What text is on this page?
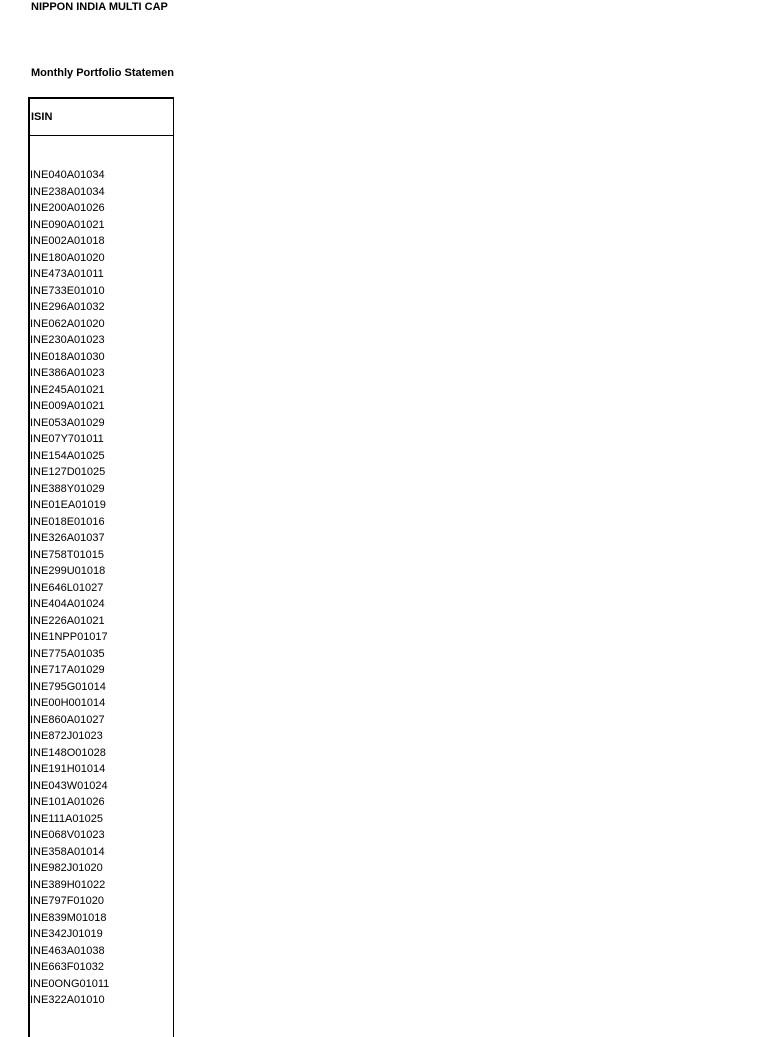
NIPPON INDIA MULTI CAP
Monthly Portfolio Statemen
ISIN
INE040A01034
INE238A01034
INE200A01026
INE090A01021
INE002A01018
INE180A01020
INE473A01011
INE733E01010
INE296A01032
INE062A01020
INE230A01023
INE018A01030
INE386A01023
INE245A01021
INE009A01021
INE053A01029
INE07Y701011
INE154A01025
INE127D01025
INE388Y01029
INE01EA01019
INE018E01016
INE326A01037
INE758T01015
INE299U01018
INE646L01027
INE404A01024
INE226A01021
INE1NPP01017
INE775A01035
INE717A01029
INE795G01014
INE00H001014
INE860A01027
INE872J01023
INE148O01028
INE191H01014
INE043W01024
INE101A01026
INE111A01025
INE068V01023
INE358A01014
INE982J01020
INE389H01022
INE797F01020
INE839M01018
INE342J01019
INE463A01038
INE663F01032
INE0ONG01011
INE322A01010
